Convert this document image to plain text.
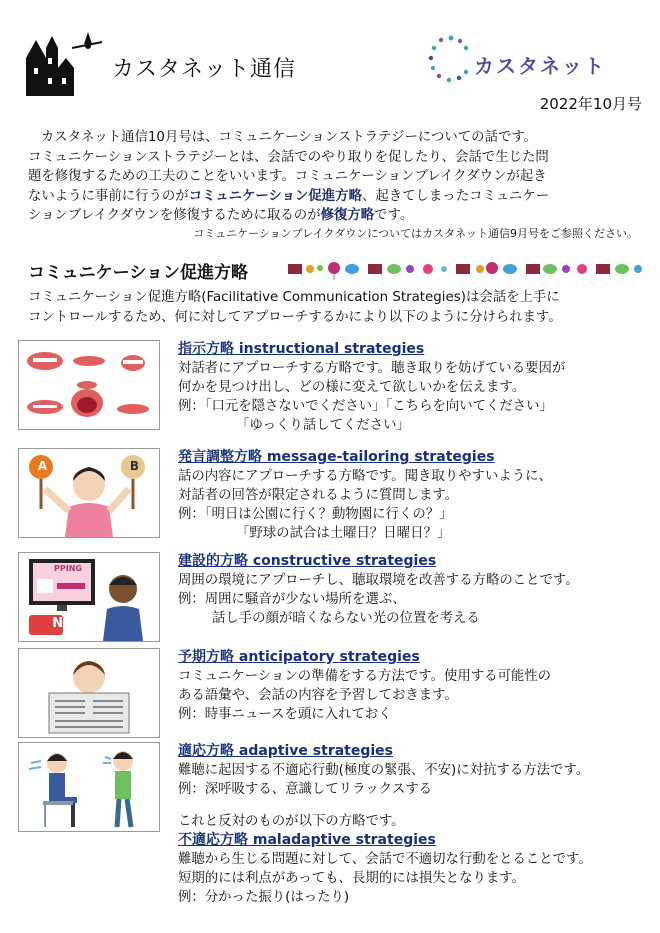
カスタネット通信	カスタネット
2022年10月号

カスタネット通信10月号は、コミュニケーションストラテジーについての話です。

コミュニケーションストラテジーとは、会話でのやり取りを促したり、会話で生じた問

題を修復するための工夫のことをいいます。コミュニケーションブレイクダウンが起き

ないように事前に行うのがコミュニケーション促進方略、起きてしまったコミュニケー

ションブレイクダウンを修復するために取るのが修復方略です。

コミュニケーションブレイクダウンについてはカスタネット通信9月号をご参照ください。
コミュニケーション促進方略
コミュニケーション促進方略(Facilitative Communication Strategies)は会話を上手に
コントロールするため、何に対してアプローチするかにより以下のように分けられます。
指示方略 instructional strategies
対話者にアプローチする方略です。聴き取りを妨げている要因が
何かを見つけ出し、どの様に変えて欲しいかを伝えます。
例：「口元を隠さないでください」「こちらを向いてください」
「ゆっくり話してください」
A	B
発言調整方略 message-tailoring strategies
話の内容にアプローチする方略です。聞き取りやすいように、
対話者の回答が限定されるように質問します。
例：「明日は公園に行く？動物園に行くの？」
「野球の試合は土曜日？日曜日？」
PPING
NG
建設的方略 constructive strategies
周囲の環境にアプローチし、聴取環境を改善する方略のことです。
例：周囲に騒音が少ない場所を選ぶ、
話し手の顔が暗くならない光の位置を考える
予期方略 anticipatory strategies
コミュニケーションの準備をする方法です。使用する可能性の
ある語彙や、会話の内容を予習しておきます。
例：時事ニュースを頭に入れておく
適応方略 adaptive strategies
難聴に起因する不適応行動(極度の緊張、不安)に対抗する方法です。
例：深呼吸する、意識してリラックスする
これと反対のものが以下の方略です。
不適応方略 maladaptive strategies
難聴から生じる問題に対して、会話で不適切な行動をとることです。
短期的には利点があっても、長期的には損失となります。
例：分かった振り(はったり)
